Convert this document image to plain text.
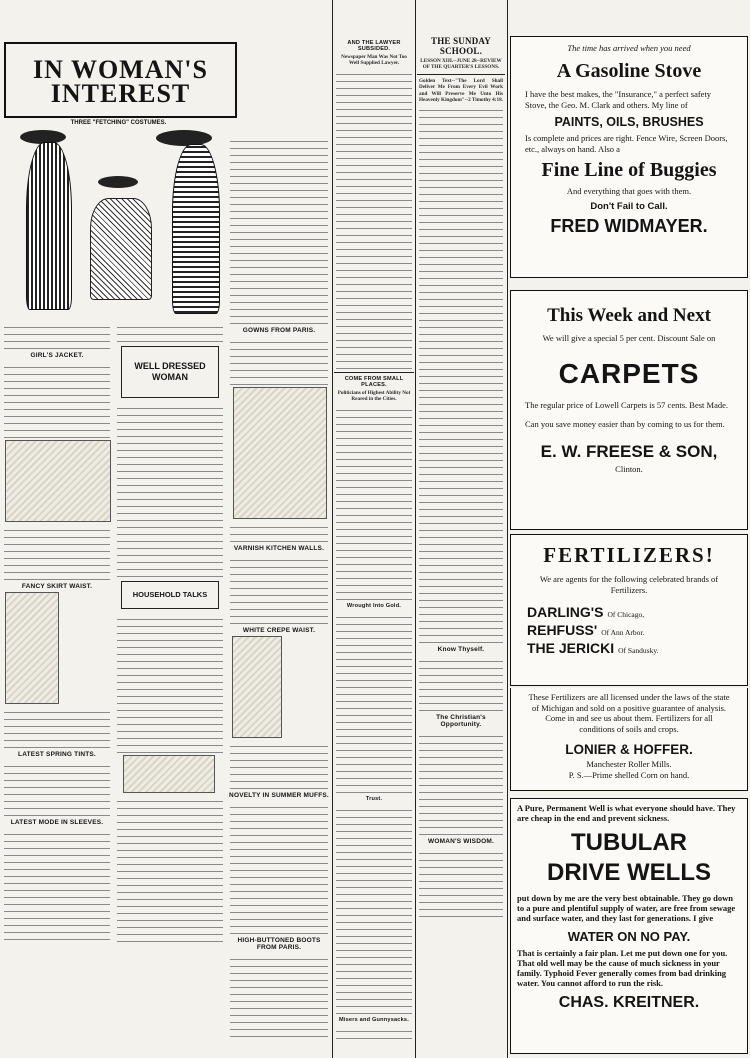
IN WOMAN'S INTEREST
THREE "FETCHING" COSTUMES.
GIRL'S JACKET.
FANCY SKIRT WAIST.
LATEST SPRING TINTS.
LATEST MODE IN SLEEVES.
WELL DRESSED WOMAN
HOUSEHOLD TALKS
GOWNS FROM PARIS.
VARNISH KITCHEN WALLS.
WHITE CREPE WAIST.
NOVELTY IN SUMMER MUFFS.
HIGH-BUTTONED BOOTS FROM PARIS.
AND THE LAWYER SUBSIDED.
Newspaper Man Was Not Too Well Supplied Lawyer.
COME FROM SMALL PLACES.
Politicians of Highest Ability Not Reared in the Cities.
Wrought Into Gold.
Trust.
Misers and Gunnysacks.
THE SUNDAY SCHOOL.
LESSON XIII.--JUNE 28--REVIEW OF THE QUARTER'S LESSONS.
Golden Text--"The Lord Shall Deliver Me From Every Evil Work and Will Preserve Me Unto His Heavenly Kingdom"--2 Timothy 4:18.
Know Thyself.
The Christian's Opportunity.
WOMAN'S WISDOM.
The time has arrived when you need
A Gasoline Stove
I have the best makes, the "Insurance," a perfect safety Stove, the Geo. M. Clark and others. My line of
PAINTS, OILS, BRUSHES
Is complete and prices are right. Fence Wire, Screen Doors, etc., always on hand. Also a
Fine Line of Buggies
And everything that goes with them.
Don't Fail to Call.
FRED WIDMAYER.
This Week and Next
We will give a special 5 per cent. Discount Sale on
CARPETS
The regular price of Lowell Carpets is 57 cents. Best Made.
Can you save money easier than by coming to us for them.
E. W. FREESE & SON,
Clinton.
FERTILIZERS!
We are agents for the following celebrated brands of Fertilizers.
DARLING'S Of Chicago,
REHFUSS' Of Ann Arbor.
THE JERICKI Of Sandusky.
These Fertilizers are all licensed under the laws of the state of Michigan and sold on a positive guarantee of analysis. Come in and see us about them. Fertilizers for all conditions of soils and crops.
LONIER & HOFFER.
Manchester Roller Mills.
P. S.—Prime shelled Corn on hand.
A Pure, Permanent Well is what everyone should have. They are cheap in the end and prevent sickness.
TUBULAR
DRIVE WELLS
put down by me are the very best obtainable. They go down to a pure and plentiful supply of water, are free from sewage and surface water, and they last for generations. I give
WATER ON NO PAY.
That is certainly a fair plan. Let me put down one for you. That old well may be the cause of much sickness in your family. Typhoid Fever generally comes from bad drinking water. You cannot afford to run the risk.
CHAS. KREITNER.
